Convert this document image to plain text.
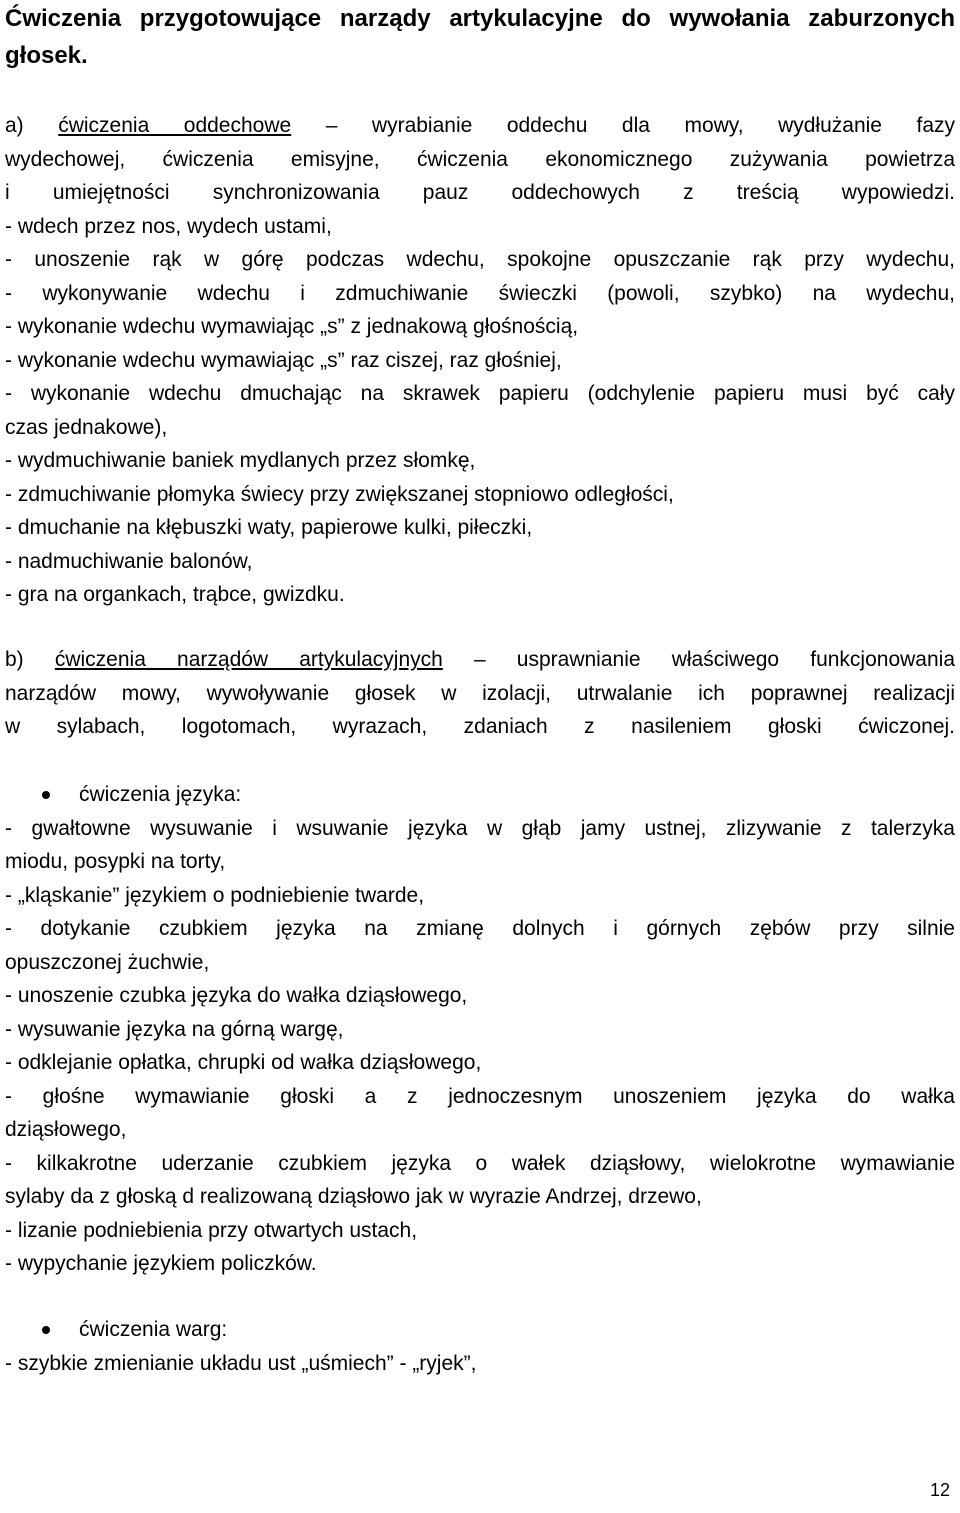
Ćwiczenia przygotowujące narządy artykulacyjne do wywołania zaburzonych głosek.
a) ćwiczenia oddechowe – wyrabianie oddechu dla mowy, wydłużanie fazy
wydechowej, ćwiczenia emisyjne, ćwiczenia ekonomicznego zużywania powietrza
i umiejętności synchronizowania pauz oddechowych z treścią wypowiedzi.
- wdech przez nos, wydech ustami,
- unoszenie rąk w górę podczas wdechu, spokojne opuszczanie rąk przy wydechu,
- wykonywanie wdechu i zdmuchiwanie świeczki (powoli, szybko) na wydechu,
- wykonanie wdechu wymawiając „s” z jednakową głośnością,
- wykonanie wdechu wymawiając „s” raz ciszej, raz głośniej,
- wykonanie wdechu dmuchając na skrawek papieru (odchylenie papieru musi być cały
czas jednakowe),
- wydmuchiwanie baniek mydlanych przez słomkę,
- zdmuchiwanie płomyka świecy przy zwiększanej stopniowo odległości,
- dmuchanie na kłębuszki waty, papierowe kulki, piłeczki,
- nadmuchiwanie balonów,
- gra na organkach, trąbce, gwizdku.
b) ćwiczenia narządów artykulacyjnych – usprawnianie właściwego funkcjonowania
narządów mowy, wywoływanie głosek w izolacji, utrwalanie ich poprawnej realizacji
w sylabach, logotomach, wyrazach, zdaniach z nasileniem głoski ćwiczonej.
ćwiczenia języka:
- gwałtowne wysuwanie i wsuwanie języka w głąb jamy ustnej, zlizywanie z talerzyka
miodu, posypki na torty,
- „kląskanie” językiem o podniebienie twarde,
- dotykanie czubkiem języka na zmianę dolnych i górnych zębów przy silnie
opuszczonej żuchwie,
- unoszenie czubka języka do wałka dziąsłowego,
- wysuwanie języka na górną wargę,
- odklejanie opłatka, chrupki od wałka dziąsłowego,
- głośne wymawianie głoski a z jednoczesnym unoszeniem języka do wałka
dziąsłowego,
- kilkakrotne uderzanie czubkiem języka o wałek dziąsłowy, wielokrotne wymawianie
sylaby da z głoską d realizowaną dziąsłowo jak w wyrazie Andrzej, drzewo,
- lizanie podniebienia przy otwartych ustach,
- wypychanie językiem policzków.
ćwiczenia warg:
- szybkie zmienianie układu ust „uśmiech” - „ryjek”,
12
